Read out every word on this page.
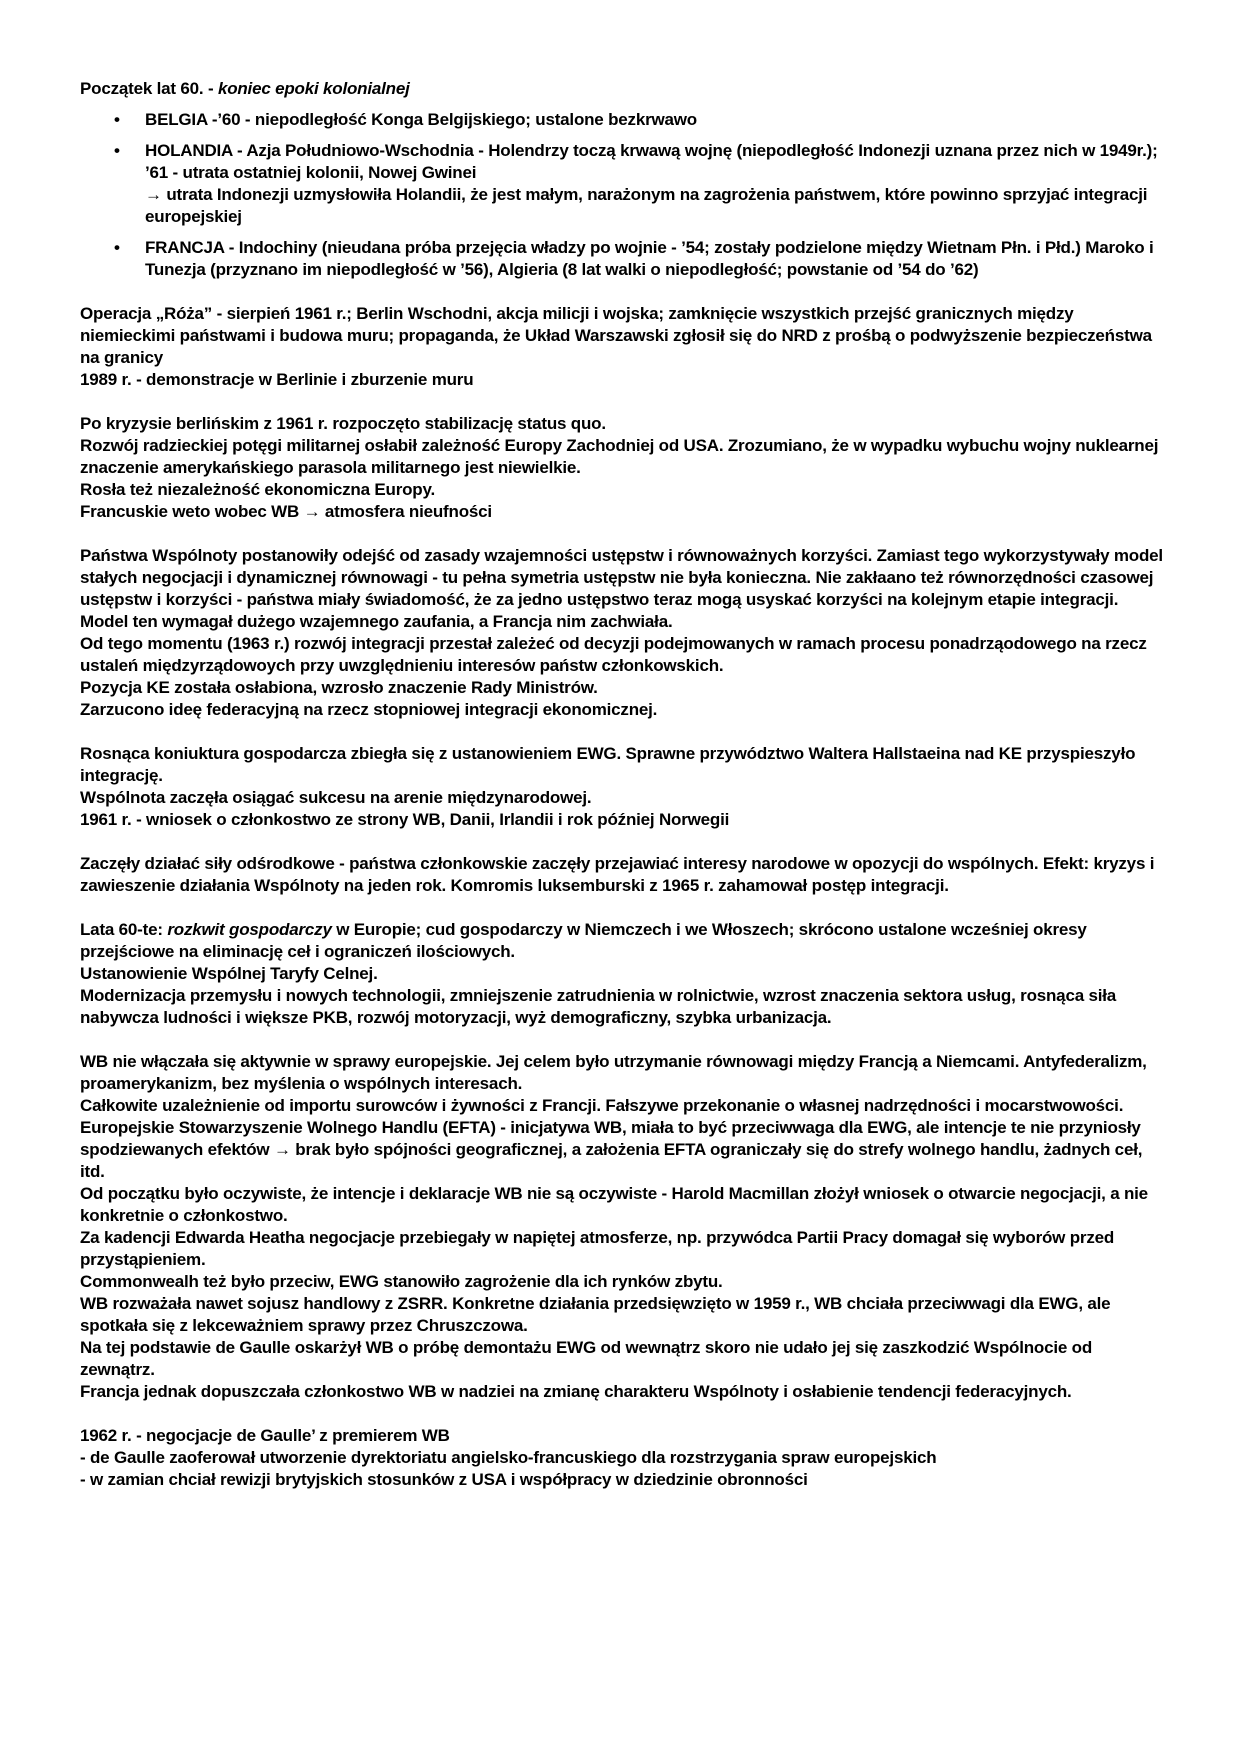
Początek lat 60. - koniec epoki kolonialnej
• BELGIA -’60 - niepodległość Konga Belgijskiego; ustalone bezkrwawo
• HOLANDIA - Azja Południowo-Wschodnia - Holendrzy toczą krwawą wojnę (niepodległość Indonezji uznana przez nich w 1949r.); ’61 - utrata ostatniej kolonii, Nowej Gwinei
→ utrata Indonezji uzmysłowiła Holandii, że jest małym, narażonym na zagrożenia państwem, które powinno sprzyjać integracji europejskiej
• FRANCJA - Indochiny (nieudana próba przejęcia władzy po wojnie - ’54; zostały podzielone między Wietnam Płn. i Płd.) Maroko i Tunezja (przyznano im niepodległość w ’56), Algieria (8 lat walki o niepodległość; powstanie od ’54 do ’62)
Operacja „Róża” - sierpień 1961 r.; Berlin Wschodni, akcja milicji i wojska; zamknięcie wszystkich przejść granicznych między niemieckimi państwami i budowa muru; propaganda, że Układ Warszawski zgłosił się do NRD z prośbą o podwyższenie bezpieczeństwa na granicy
1989 r. - demonstracje w Berlinie i zburzenie muru
Po kryzysie berlińskim z 1961 r. rozpoczęto stabilizację status quo.
Rozwój radzieckiej potęgi militarnej osłabił zależność Europy Zachodniej od USA. Zrozumiano, że w wypadku wybuchu wojny nuklearnej znaczenie amerykańskiego parasola militarnego jest niewielkie.
Rosła też niezależność ekonomiczna Europy.
Francuskie weto wobec WB → atmosfera nieufności
Państwa Wspólnoty postanowiły odejść od zasady wzajemności ustępstw i równoważnych korzyści. Zamiast tego wykorzystywały model stałych negocjacji i dynamicznej równowagi - tu pełna symetria ustępstw nie była konieczna. Nie zakłaano też równorzędności czasowej ustępstw i korzyści - państwa miały świadomość, że za jedno ustępstwo teraz mogą usyskać korzyści na kolejnym etapie integracji.
Model ten wymagał dużego wzajemnego zaufania, a Francja nim zachwiała.
Od tego momentu (1963 r.) rozwój integracji przestał zależeć od decyzji podejmowanych w ramach procesu ponadrząodowego na rzecz ustaleń międzyrządowoych przy uwzględnieniu interesów państw członkowskich.
Pozycja KE została osłabiona, wzrosło znaczenie Rady Ministrów.
Zarzucono ideę federacyjną na rzecz stopniowej integracji ekonomicznej.
Rosnąca koniuktura gospodarcza zbiegła się z ustanowieniem EWG. Sprawne przywództwo Waltera Hallstaeina nad KE przyspieszyło integrację.
Wspólnota zaczęła osiągać sukcesu na arenie międzynarodowej.
1961 r. - wniosek o członkostwo ze strony WB, Danii, Irlandii i rok później Norwegii
Zaczęły działać siły odśrodkowe - państwa członkowskie zaczęły przejawiać interesy narodowe w opozycji do wspólnych. Efekt: kryzys i zawieszenie działania Wspólnoty na jeden rok. Komromis luksemburski z 1965 r. zahamował postęp integracji.
Lata 60-te: rozkwit gospodarczy w Europie; cud gospodarczy w Niemczech i we Włoszech; skrócono ustalone wcześniej okresy przejściowe na eliminację ceł i ograniczeń ilościowych.
Ustanowienie Wspólnej Taryfy Celnej.
Modernizacja przemysłu i nowych technologii, zmniejszenie zatrudnienia w rolnictwie, wzrost znaczenia sektora usług, rosnąca siła nabywcza ludności i większe PKB, rozwój motoryzacji, wyż demograficzny, szybka urbanizacja.
WB nie włączała się aktywnie w sprawy europejskie. Jej celem było utrzymanie równowagi między Francją a Niemcami. Antyfederalizm, proamerykanizm, bez myślenia o wspólnych interesach.
Całkowite uzależnienie od importu surowców i żywności z Francji. Fałszywe przekonanie o własnej nadrzędności i mocarstwowości.
Europejskie Stowarzyszenie Wolnego Handlu (EFTA) - inicjatywa WB, miała to być przeciwwaga dla EWG, ale intencje te nie przyniosły spodziewanych efektów → brak było spójności geograficznej, a założenia EFTA ograniczały się do strefy wolnego handlu, żadnych ceł, itd.
Od początku było oczywiste, że intencje i deklaracje WB nie są oczywiste - Harold Macmillan złożył wniosek o otwarcie negocjacji, a nie konkretnie o członkostwo.
Za kadencji Edwarda Heatha negocjacje przebiegały w napiętej atmosferze, np. przywódca Partii Pracy domagał się wyborów przed przystąpieniem.
Commonwealh też było przeciw, EWG stanowiło zagrożenie dla ich rynków zbytu.
WB rozważała nawet sojusz handlowy z ZSRR. Konkretne działania przedsięwzięto w 1959 r., WB chciała przeciwwagi dla EWG, ale spotkała się z lekceważniem sprawy przez Chruszczowa.
Na tej podstawie de Gaulle oskarżył WB o próbę demontażu EWG od wewnątrz skoro nie udało jej się zaszkodzić Wspólnocie od zewnątrz.
Francja jednak dopuszczała członkostwo WB w nadziei na zmianę charakteru Wspólnoty i osłabienie tendencji federacyjnych.
1962 r. - negocjacje de Gaulle’ z premierem WB
- de Gaulle zaoferował utworzenie dyrektoriatu angielsko-francuskiego dla rozstrzygania spraw europejskich
- w zamian chciał rewizji brytyjskich stosunków z USA i współpracy w dziedzinie obronności
